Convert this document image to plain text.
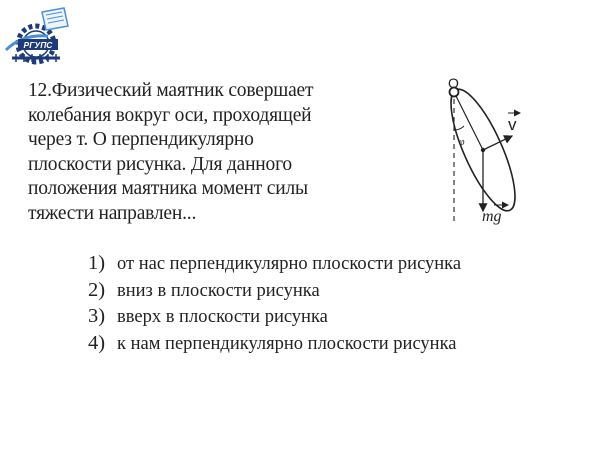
РГУПС
12.Физический маятник совершает
колебания вокруг оси, проходящей
через т. О перпендикулярно
плоскости рисунка. Для данного
положения маятника момент силы
тяжести направлен...
O
φ
v
mg
1) от нас перпендикулярно плоскости рисунка
2) вниз в плоскости рисунка
3) вверх в плоскости рисунка
4) к нам перпендикулярно плоскости рисунка
